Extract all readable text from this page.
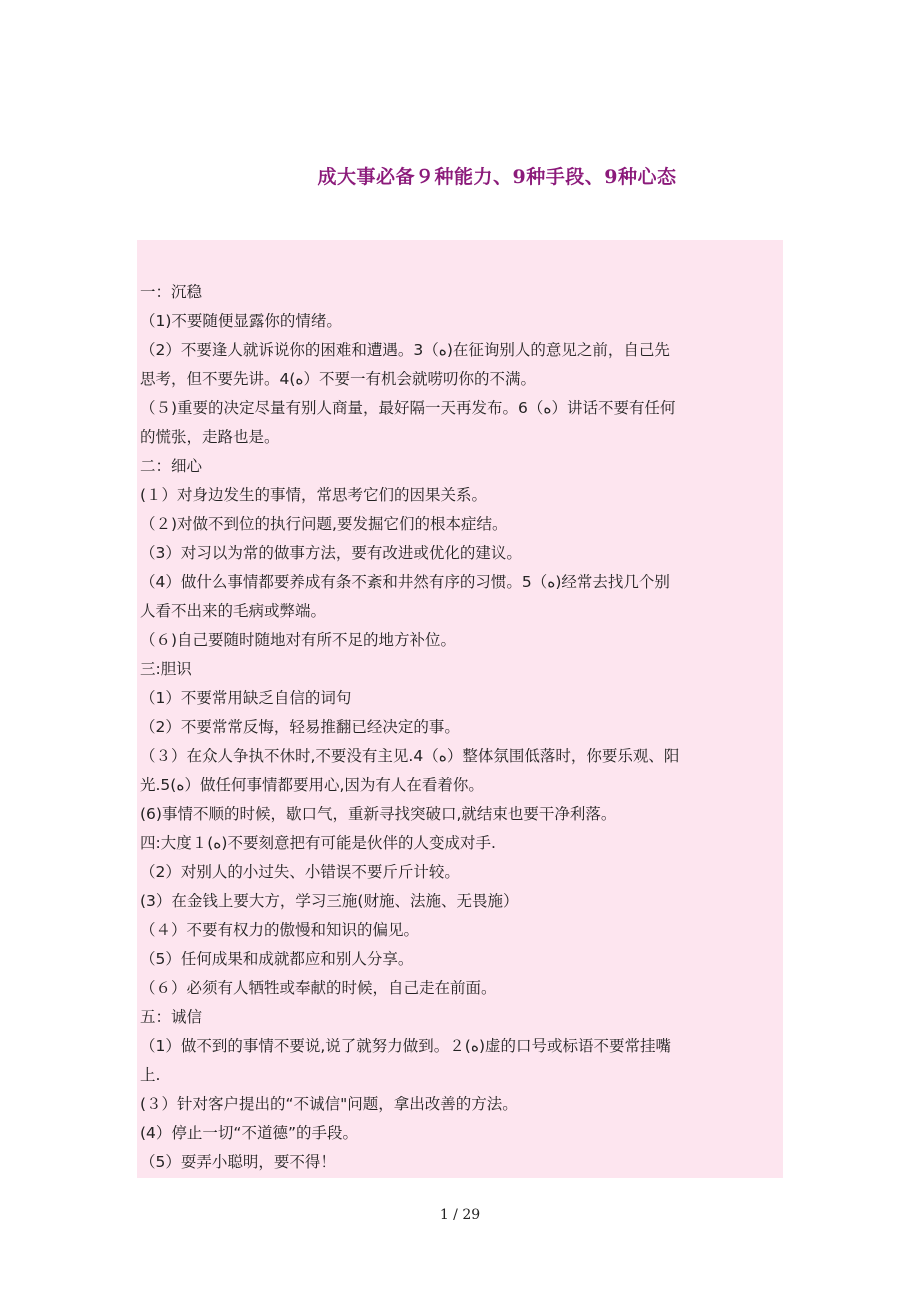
成大事必备９种能力、9种手段、9种心态
一：沉稳
（1)不要随便显露你的情绪。
（2）不要逢人就诉说你的困难和遭遇。3（ﻩ)在征询别人的意见之前，自己先
思考，但不要先讲。4(ﻩ）不要一有机会就唠叨你的不满。
（５)重要的决定尽量有别人商量，最好隔一天再发布。6（ﻩ）讲话不要有任何
的慌张，走路也是。
二：细心
(１）对身边发生的事情，常思考它们的因果关系。
（２)对做不到位的执行问题,要发掘它们的根本症结。
（3）对习以为常的做事方法，要有改进或优化的建议。
（4）做什么事情都要养成有条不紊和井然有序的习惯。5（ﻩ)经常去找几个别
人看不出来的毛病或弊端。
（６)自己要随时随地对有所不足的地方补位。
三:胆识
（1）不要常用缺乏自信的词句
（2）不要常常反悔，轻易推翻已经决定的事。
（３）在众人争执不休时,不要没有主见.4（ﻩ）整体氛围低落时，你要乐观、阳
光.5(ﻩ）做任何事情都要用心,因为有人在看着你。
(6)事情不顺的时候，歇口气，重新寻找突破口,就结束也要干净利落。
四:大度１(ﻩ)不要刻意把有可能是伙伴的人变成对手.
（2）对别人的小过失、小错误不要斤斤计较。
(3）在金钱上要大方，学习三施(财施、法施、无畏施）
（４）不要有权力的傲慢和知识的偏见。
（5）任何成果和成就都应和别人分享。
（６）必须有人牺牲或奉献的时候，自己走在前面。
五：诚信
（1）做不到的事情不要说,说了就努力做到。２(ﻩ)虚的口号或标语不要常挂嘴
上.
(３）针对客户提出的“不诚信"问题，拿出改善的方法。
(4）停止一切“不道德”的手段。
（5）耍弄小聪明，要不得！
1 / 29
